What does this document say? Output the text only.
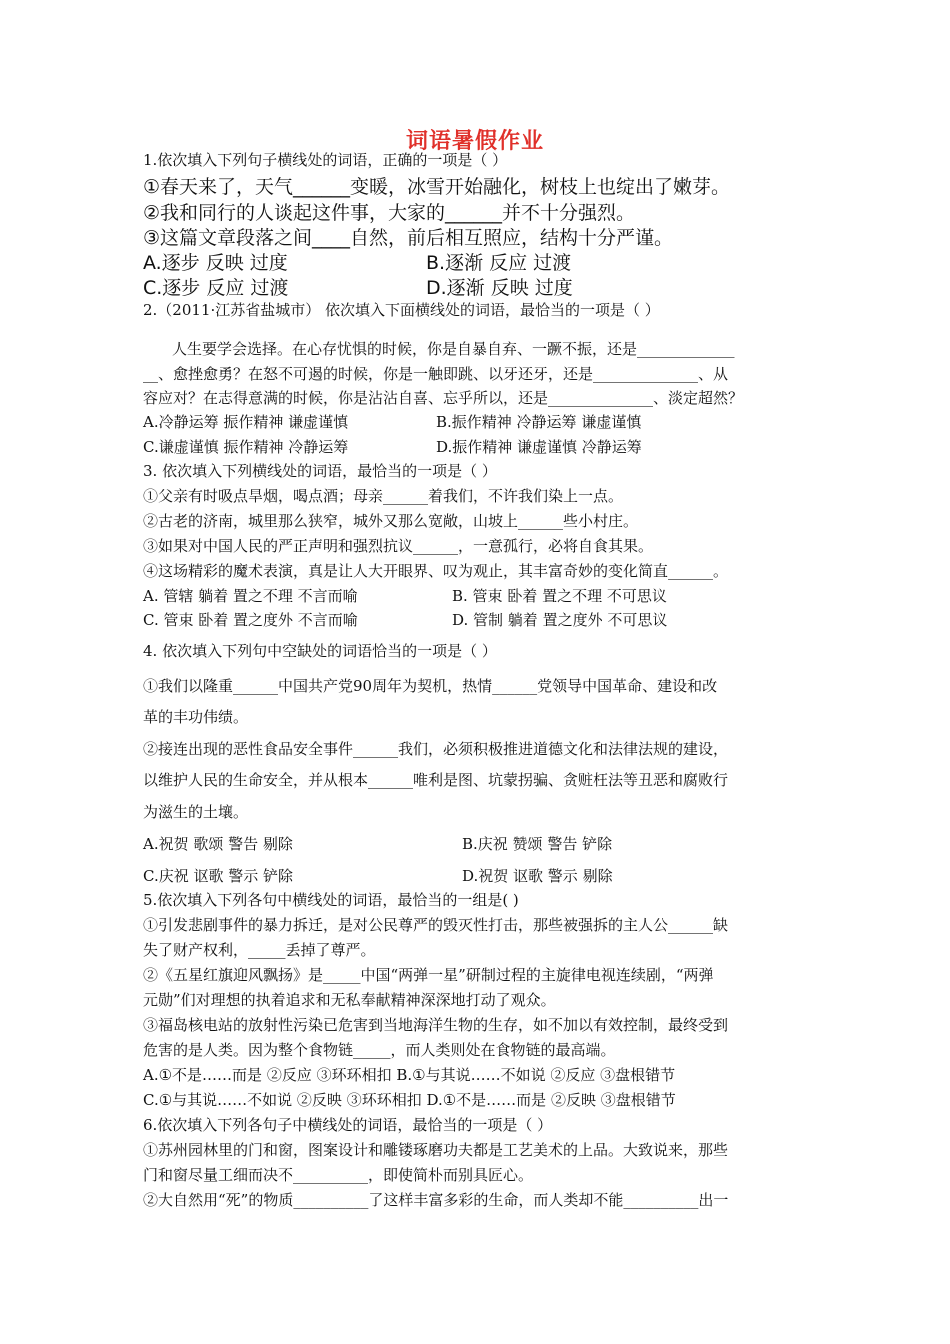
词语暑假作业
1.依次填入下列句子横线处的词语，正确的一项是（ ）
①春天来了，天气______变暖，冰雪开始融化，树枝上也绽出了嫩芽。
②我和同行的人谈起这件事，大家的______并不十分强烈。
③这篇文章段落之间____自然，前后相互照应，结构十分严谨。
A.逐步 反映 过度	B.逐渐 反应 过渡
C.逐步 反应 过渡	D.逐渐 反映 过度
2.（2011·江苏省盐城市） 依次填入下面横线处的词语，最恰当的一项是（ ）
人生要学会选择。在心存忧惧的时候，你是自暴自弃、一蹶不振，还是_____________
__、愈挫愈勇？在怒不可遏的时候，你是一触即跳、以牙还牙，还是______________、从
容应对？在志得意满的时候，你是沾沾自喜、忘乎所以，还是______________、淡定超然？
A.冷静运筹 振作精神 谦虚谨慎	B.振作精神 冷静运筹 谦虚谨慎
C.谦虚谨慎 振作精神 冷静运筹	D.振作精神 谦虚谨慎 冷静运筹
3. 依次填入下列横线处的词语，最恰当的一项是（ ）
①父亲有时吸点旱烟，喝点酒；母亲______着我们，不许我们染上一点。
②古老的济南，城里那么狭窄，城外又那么宽敞，山坡上______些小村庄。
③如果对中国人民的严正声明和强烈抗议______，一意孤行，必将自食其果。
④这场精彩的魔术表演，真是让人大开眼界、叹为观止，其丰富奇妙的变化简直______。
A. 管辖 躺着 置之不理 不言而喻	B. 管束 卧着 置之不理 不可思议
C. 管束 卧着 置之度外 不言而喻	D. 管制 躺着 置之度外 不可思议
4. 依次填入下列句中空缺处的词语恰当的一项是（ ）
①我们以隆重______中国共产党90周年为契机，热情______党领导中国革命、建设和改
革的丰功伟绩。
②接连出现的恶性食品安全事件______我们，必须积极推进道德文化和法律法规的建设，
以维护人民的生命安全，并从根本______唯利是图、坑蒙拐骗、贪赃枉法等丑恶和腐败行
为滋生的土壤。
A.祝贺 歌颂 警告 剔除	B.庆祝 赞颂 警告 铲除
C.庆祝 讴歌 警示 铲除	D.祝贺 讴歌 警示 剔除
5.依次填入下列各句中横线处的词语，最恰当的一组是( )
①引发悲剧事件的暴力拆迁，是对公民尊严的毁灭性打击，那些被强拆的主人公______缺
失了财产权利，_____丢掉了尊严。
②《五星红旗迎风飘扬》是_____中国“两弹一星”研制过程的主旋律电视连续剧，“两弹
元勋”们对理想的执着追求和无私奉献精神深深地打动了观众。
③福岛核电站的放射性污染已危害到当地海洋生物的生存，如不加以有效控制，最终受到
危害的是人类。因为整个食物链_____，而人类则处在食物链的最高端。
A.①不是……而是 ②反应 ③环环相扣 B.①与其说……不如说 ②反应 ③盘根错节
C.①与其说……不如说 ②反映 ③环环相扣 D.①不是……而是 ②反映 ③盘根错节
6.依次填入下列各句子中横线处的词语，最恰当的一项是（ ）
①苏州园林里的门和窗，图案设计和雕镂琢磨功夫都是工艺美术的上品。大致说来，那些
门和窗尽量工细而决不__________，即使简朴而别具匠心。
②大自然用“死”的物质__________了这样丰富多彩的生命，而人类却不能__________出一
